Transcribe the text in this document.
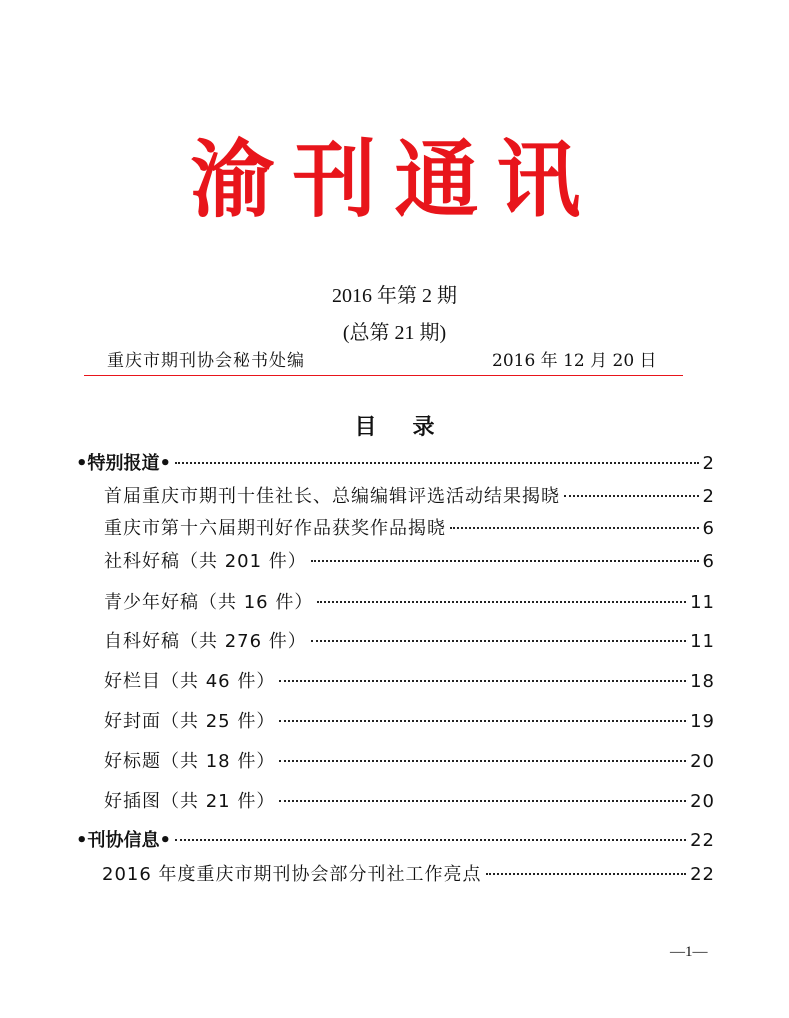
渝刊通讯
2016 年第 2 期
(总第 21 期)
重庆市期刊协会秘书处编	2016 年 12 月 20 日
目录
•特别报道•	2
首届重庆市期刊十佳社长、总编编辑评选活动结果揭晓	2
重庆市第十六届期刊好作品获奖作品揭晓	6
社科好稿（共 201 件）	6
青少年好稿（共 16 件）	11
自科好稿（共 276 件）	11
好栏目（共 46 件）	18
好封面（共 25 件）	19
好标题（共 18 件）	20
好插图（共 21 件）	20
•刊协信息•	22
2016 年度重庆市期刊协会部分刊社工作亮点	22
—1—
